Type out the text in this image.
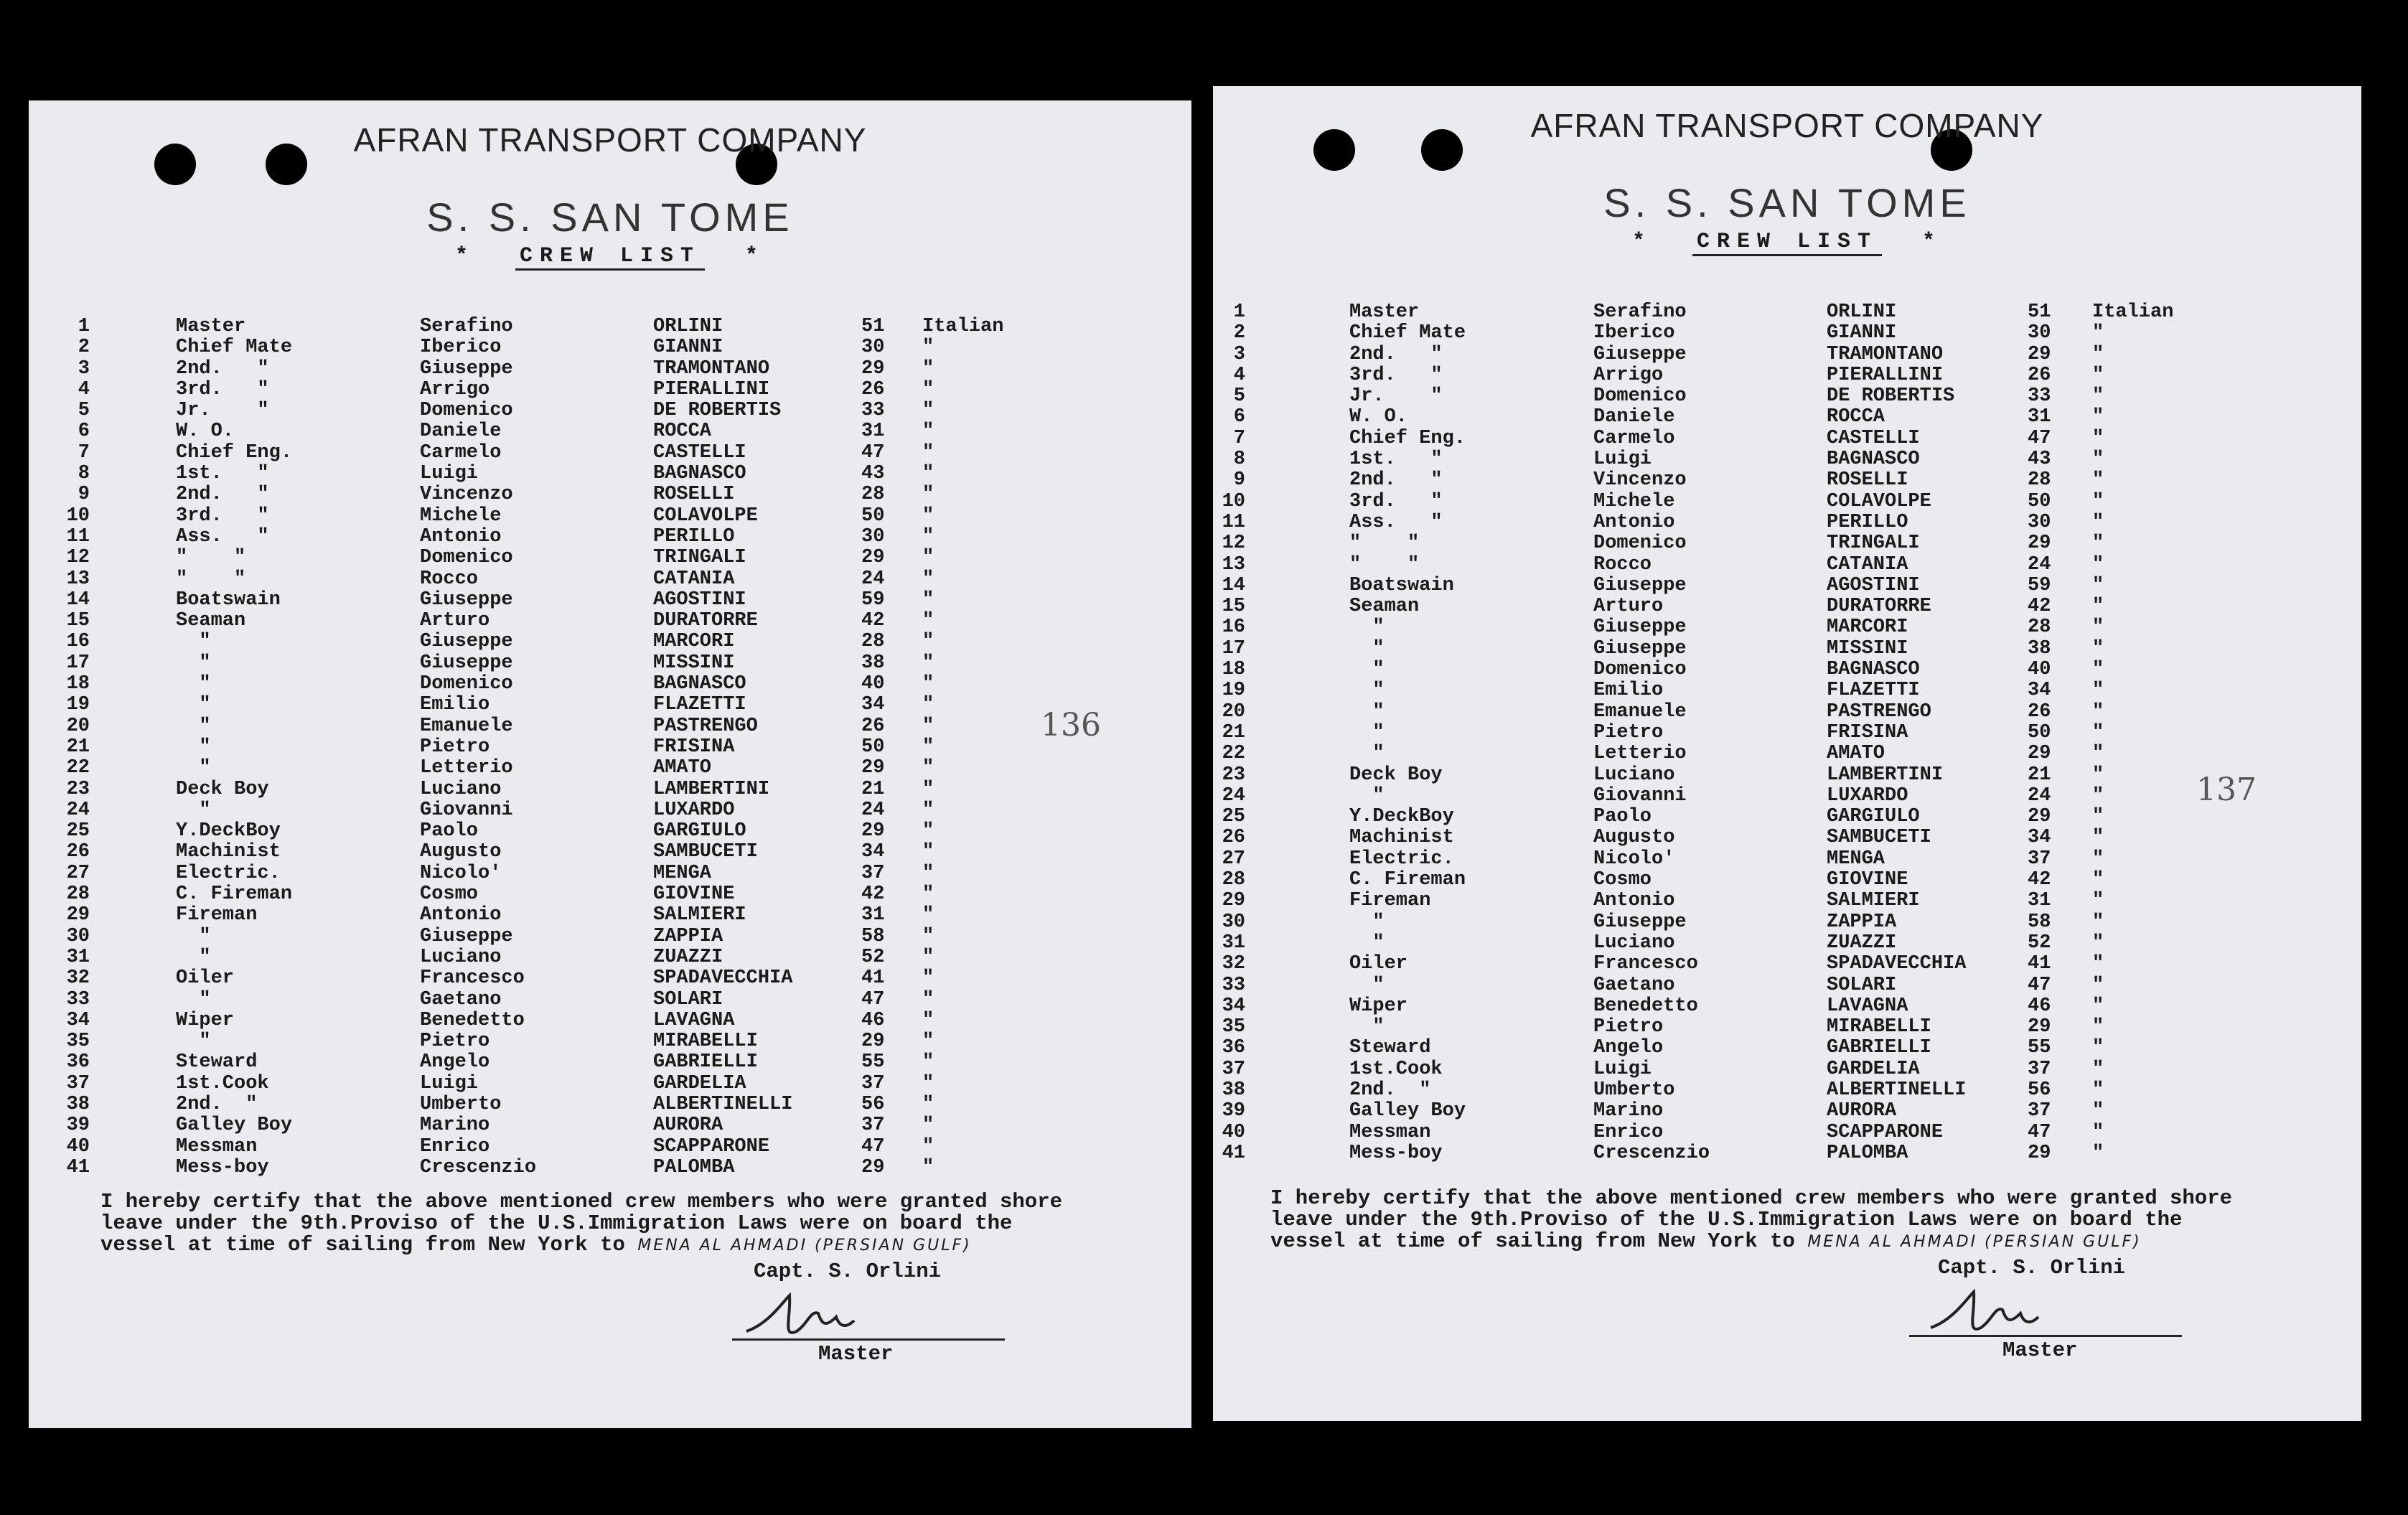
AFRAN TRANSPORT COMPANY
S. S. SAN TOME
* CREW LIST *
1	Master	Serafino	ORLINI	51 Italian
2	Chief Mate	Iberico	GIANNI	30 "
3	2nd.   "	Giuseppe	TRAMONTANO	29 "
4	3rd.   "	Arrigo	PIERALLINI	26 "
5	Jr.    "	Domenico	DE ROBERTIS	33 "
6	W. O.	Daniele	ROCCA	31 "
7	Chief Eng.	Carmelo	CASTELLI	47 "
8	1st.   "	Luigi	BAGNASCO	43 "
9	2nd.   "	Vincenzo	ROSELLI	28 "
10	3rd.   "	Michele	COLAVOLPE	50 "
11	Ass.   "	Antonio	PERILLO	30 "
12	"    "	Domenico	TRINGALI	29 "
13	"    "	Rocco	CATANIA	24 "
14	Boatswain	Giuseppe	AGOSTINI	59 "
15	Seaman	Arturo	DURATORRE	42 "
16	"	Giuseppe	MARCORI	28 "
17	"	Giuseppe	MISSINI	38 "
18	"	Domenico	BAGNASCO	40 "
19	"	Emilio	FLAZETTI	34 "
20	"	Emanuele	PASTRENGO	26 "
21	"	Pietro	FRISINA	50 "
22	"	Letterio	AMATO	29 "
23	Deck Boy	Luciano	LAMBERTINI	21 "
24	"	Giovanni	LUXARDO	24 "
25	Y.DeckBoy	Paolo	GARGIULO	29 "
26	Machinist	Augusto	SAMBUCETI	34 "
27	Electric.	Nicolo'	MENGA	37 "
28	C. Fireman	Cosmo	GIOVINE	42 "
29	Fireman	Antonio	SALMIERI	31 "
30	"	Giuseppe	ZAPPIA	58 "
31	"	Luciano	ZUAZZI	52 "
32	Oiler	Francesco	SPADAVECCHIA	41 "
33	"	Gaetano	SOLARI	47 "
34	Wiper	Benedetto	LAVAGNA	46 "
35	"	Pietro	MIRABELLI	29 "
36	Steward	Angelo	GABRIELLI	55 "
37	1st.Cook	Luigi	GARDELIA	37 "
38	2nd.  "	Umberto	ALBERTINELLI	56 "
39	Galley Boy	Marino	AURORA	37 "
40	Messman	Enrico	SCAPPARONE	47 "
41	Mess-boy	Crescenzio	PALOMBA	29 "
136
I hereby certify that the above mentioned crew members who were granted shore
leave under the 9th.Proviso of the U.S.Immigration Laws were on board the
vessel at time of sailing from New York to MENA AL AHMADI (PERSIAN GULF)
Capt. S. Orlini
Master
AFRAN TRANSPORT COMPANY
S. S. SAN TOME
* CREW LIST *
1	Master	Serafino	ORLINI	51 Italian
2	Chief Mate	Iberico	GIANNI	30 "
3	2nd.   "	Giuseppe	TRAMONTANO	29 "
4	3rd.   "	Arrigo	PIERALLINI	26 "
5	Jr.    "	Domenico	DE ROBERTIS	33 "
6	W. O.	Daniele	ROCCA	31 "
7	Chief Eng.	Carmelo	CASTELLI	47 "
8	1st.   "	Luigi	BAGNASCO	43 "
9	2nd.   "	Vincenzo	ROSELLI	28 "
10	3rd.   "	Michele	COLAVOLPE	50 "
11	Ass.   "	Antonio	PERILLO	30 "
12	"    "	Domenico	TRINGALI	29 "
13	"    "	Rocco	CATANIA	24 "
14	Boatswain	Giuseppe	AGOSTINI	59 "
15	Seaman	Arturo	DURATORRE	42 "
16	"	Giuseppe	MARCORI	28 "
17	"	Giuseppe	MISSINI	38 "
18	"	Domenico	BAGNASCO	40 "
19	"	Emilio	FLAZETTI	34 "
20	"	Emanuele	PASTRENGO	26 "
21	"	Pietro	FRISINA	50 "
22	"	Letterio	AMATO	29 "
23	Deck Boy	Luciano	LAMBERTINI	21 "
24	"	Giovanni	LUXARDO	24 "
25	Y.DeckBoy	Paolo	GARGIULO	29 "
26	Machinist	Augusto	SAMBUCETI	34 "
27	Electric.	Nicolo'	MENGA	37 "
28	C. Fireman	Cosmo	GIOVINE	42 "
29	Fireman	Antonio	SALMIERI	31 "
30	"	Giuseppe	ZAPPIA	58 "
31	"	Luciano	ZUAZZI	52 "
32	Oiler	Francesco	SPADAVECCHIA	41 "
33	"	Gaetano	SOLARI	47 "
34	Wiper	Benedetto	LAVAGNA	46 "
35	"	Pietro	MIRABELLI	29 "
36	Steward	Angelo	GABRIELLI	55 "
37	1st.Cook	Luigi	GARDELIA	37 "
38	2nd.  "	Umberto	ALBERTINELLI	56 "
39	Galley Boy	Marino	AURORA	37 "
40	Messman	Enrico	SCAPPARONE	47 "
41	Mess-boy	Crescenzio	PALOMBA	29 "
137
I hereby certify that the above mentioned crew members who were granted shore
leave under the 9th.Proviso of the U.S.Immigration Laws were on board the
vessel at time of sailing from New York to MENA AL AHMADI (PERSIAN GULF)
Capt. S. Orlini
Master
